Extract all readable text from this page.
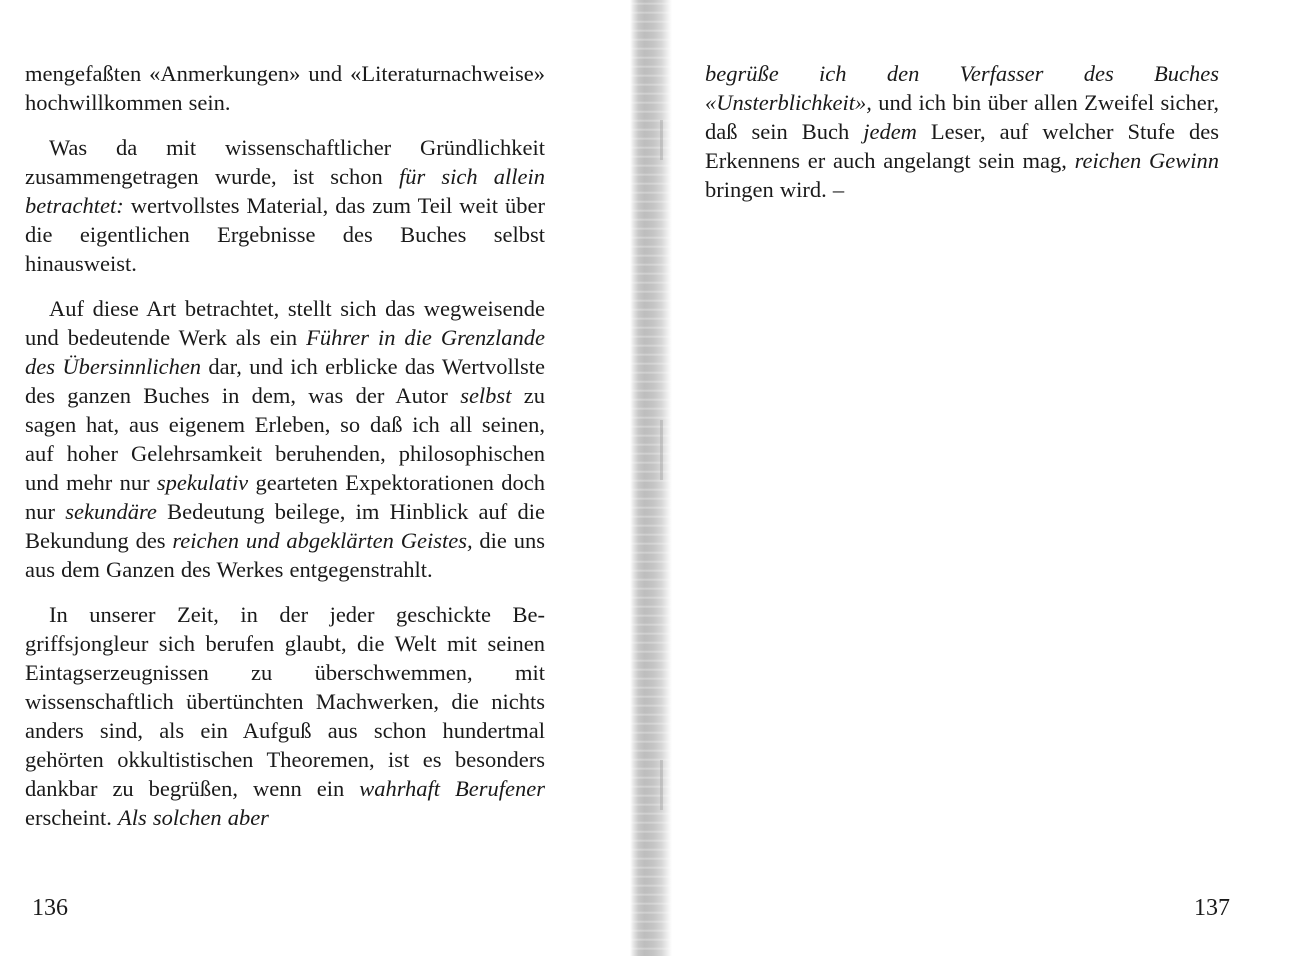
mengefaßten «Anmerkungen» und «Literaturnachweise» hochwillkommen sein.

Was da mit wissenschaftlicher Gründlichkeit zusammengetragen wurde, ist schon für sich allein betrachtet: wertvollstes Material, das zum Teil weit über die eigentlichen Ergebnisse des Buches selbst hinausweist.

Auf diese Art betrachtet, stellt sich das wegweisende und bedeutende Werk als ein Führer in die Grenzlande des Übersinnlichen dar, und ich erblicke das Wertvollste des ganzen Buches in dem, was der Autor selbst zu sagen hat, aus eigenem Erleben, so daß ich all seinen, auf hoher Gelehrsamkeit beruhenden, philosophischen und mehr nur spekulativ gearteten Expektorationen doch nur sekundäre Bedeutung beilege, im Hinblick auf die Bekundung des reichen und abgeklärten Geistes, die uns aus dem Ganzen des Werkes entgegenstrahlt.

In unserer Zeit, in der jeder geschickte Begriffsjongleur sich berufen glaubt, die Welt mit seinen Eintagserzeugnissen zu überschwemmen, mit wissenschaftlich übertünchten Machwerken, die nichts anders sind, als ein Aufguß aus schon hundertmal gehörten okkultistischen Theoremen, ist es besonders dankbar zu begrüßen, wenn ein wahrhaft Berufener erscheint. Als solchen aber

136

begrüße ich den Verfasser des Buches «Unsterblichkeit», und ich bin über allen Zweifel sicher, daß sein Buch jedem Leser, auf welcher Stufe des Erkennens er auch angelangt sein mag, reichen Gewinn bringen wird. –

137
